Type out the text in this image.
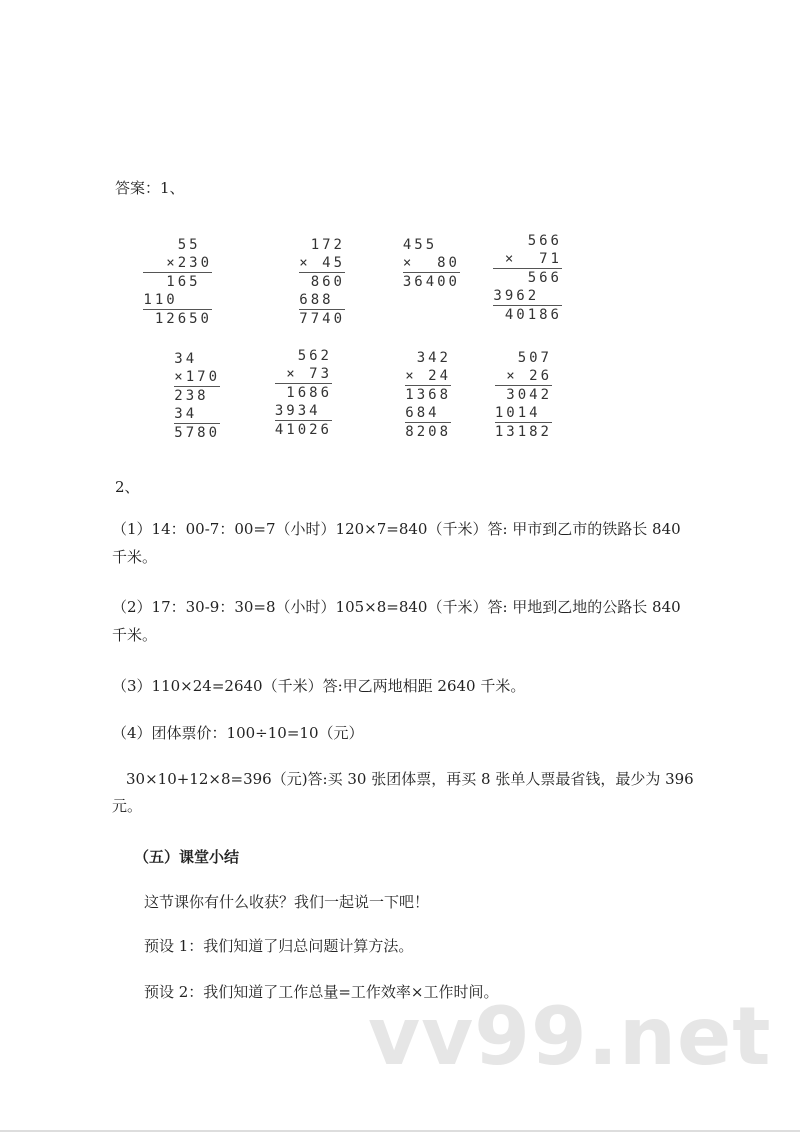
答案：1、
55
×230
165
110
12650
172
× 45
860
688
7740
455
×  80
36400
566
×  71
566
3962
40186
34
×170
238
34
5780
562
× 73
1686
3934
41026
342
× 24
1368
684
8208
507
× 26
3042
1014
13182
2、
（1）14：00-7：00=7（小时）120×7=840（千米）答: 甲市到乙市的铁路长 840
千米。
（2）17：30-9：30=8（小时）105×8=840（千米）答: 甲地到乙地的公路长 840
千米。
（3）110×24=2640（千米）答:甲乙两地相距 2640 千米。
（4）团体票价：100÷10=10（元）
30×10+12×8=396（元)答:买 30 张团体票，再买 8 张单人票最省钱，最少为 396
元。
（五）课堂小结
这节课你有什么收获？我们一起说一下吧！
预设 1：我们知道了归总问题计算方法。
预设 2：我们知道了工作总量=工作效率×工作时间。
vv99.net
